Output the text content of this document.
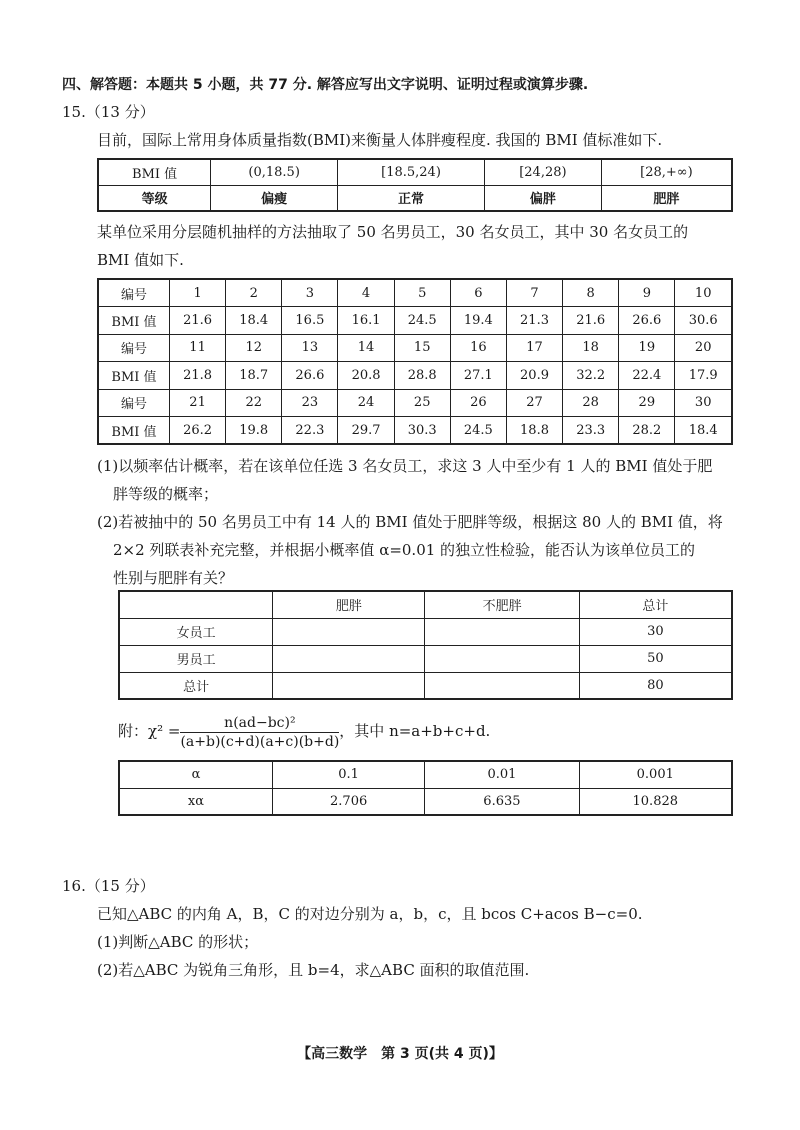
四、解答题：本题共 5 小题，共 77 分. 解答应写出文字说明、证明过程或演算步骤.
15.（13 分）
目前，国际上常用身体质量指数(BMI)来衡量人体胖瘦程度. 我国的 BMI 值标准如下.
BMI 值	(0,18.5)	[18.5,24)	[24,28)	[28,+∞)
等级	偏瘦	正常	偏胖	肥胖
某单位采用分层随机抽样的方法抽取了 50 名男员工，30 名女员工，其中 30 名女员工的
BMI 值如下.
编号	1	2	3	4	5	6	7	8	9	10
BMI 值	21.6	18.4	16.5	16.1	24.5	19.4	21.3	21.6	26.6	30.6
编号	11	12	13	14	15	16	17	18	19	20
BMI 值	21.8	18.7	26.6	20.8	28.8	27.1	20.9	32.2	22.4	17.9
编号	21	22	23	24	25	26	27	28	29	30
BMI 值	26.2	19.8	22.3	29.7	30.3	24.5	18.8	23.3	28.2	18.4
(1)以频率估计概率，若在该单位任选 3 名女员工，求这 3 人中至少有 1 人的 BMI 值处于肥
胖等级的概率；
(2)若被抽中的 50 名男员工中有 14 人的 BMI 值处于肥胖等级，根据这 80 人的 BMI 值，将
2×2 列联表补充完整，并根据小概率值 α=0.01 的独立性检验，能否认为该单位员工的
性别与肥胖有关？
	肥胖	不肥胖	总计
女员工			30
男员工			50
总计			80
附：$\chi^2 = \frac{\text{n(ad−bc)²}}{(a+b)(c+d)(a+c)(b+d)}$ ，其中 n=a+b+c+d.
α	0.1	0.01	0.001
xα	2.706	6.635	10.828
16.（15 分）
已知△ABC 的内角 A，B，C 的对边分别为 a，b，c，且 bcos C+acos B−c=0.
(1)判断△ABC 的形状；
(2)若△ABC 为锐角三角形，且 b=4，求△ABC 面积的取值范围.
【高三数学　第 3 页(共 4 页)】
